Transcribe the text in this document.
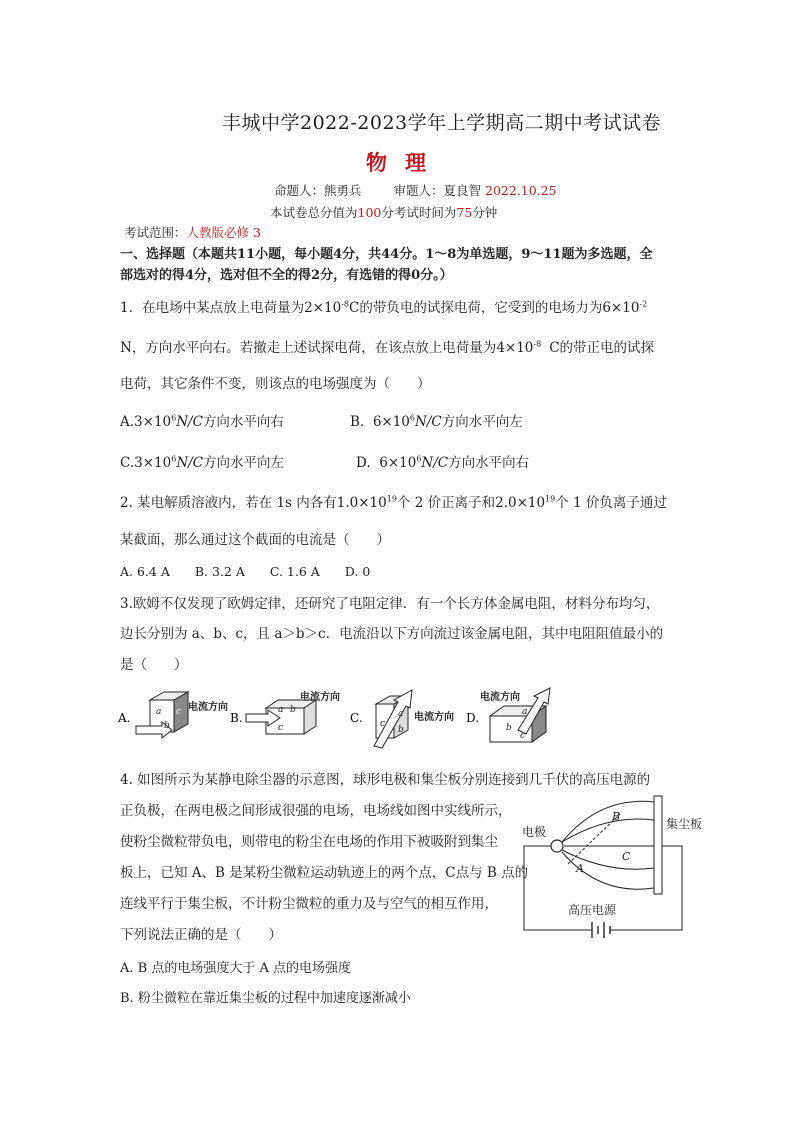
丰城中学2022-2023学年上学期高二期中考试试卷
物理
命题人：熊勇兵	审题人：夏良智 2022.10.25
本试卷总分值为100分考试时间为75分钟
考试范围：人教版必修 3
一、选择题（本题共11小题，每小题4分，共44分。1～8为单选题，9～11题为多选题，全
部选对的得4分，选对但不全的得2分，有选错的得0分。）
1．在电场中某点放上电荷量为$2\times 10^{-8}C$的带负电的试探电荷，它受到的电场力为$6\times 10^{-2}$
N，方向水平向右。若撤走上述试探电荷，在该点放上电荷量为$4\times 10^{-8}$ C的带正电的试探
电荷，其它条件不变，则该点的电场强度为（　　）
$A.3\times 10^6N/C$方向水平向右	B. $6\times 10^6N/C$方向水平向左
$C.3\times 10^6N/C$方向水平向左	D. $6\times 10^6N/C$方向水平向右
2. 某电解质溶液内，若在 1s 内各有$1.0\times 10^{19}$个 2 价正离子和$2.0\times 10^{19}$个 1 价负离子通过
某截面，那么通过这个截面的电流是（　　）
A. 6.4 A　　B. 3.2 A　　C. 1.6 A　　D. 0
3.欧姆不仅发现了欧姆定律，还研究了电阻定律．有一个长方体金属电阻，材料分布均匀，
边长分别为 a、b、c，且 a＞b＞c．电流沿以下方向流过该金属电阻，其中电阻阻值最小的
是（　　）
A.	a c
b
电流方向
B.
a b
c
电流方向
C. c
a
b
电流方向 D.
电流方向
b
c
a
4. 如图所示为某静电除尘器的示意图，球形电极和集尘板分别连接到几千伏的高压电源的
正负极，在两电极之间形成很强的电场，电场线如图中实线所示，
使粉尘微粒带负电，则带电的粉尘在电场的作用下被吸附到集尘
板上，已知 A、B 是某粉尘微粒运动轨迹上的两个点，C点与 B 点的
连线平行于集尘板，不计粉尘微粒的重力及与空气的相互作用，
下列说法正确的是（　　）
A. B 点的电场强度大于 A 点的电场强度
B. 粉尘微粒在靠近集尘板的过程中加速度逐渐减小
电极
集尘板
高压电源
B
C
A
